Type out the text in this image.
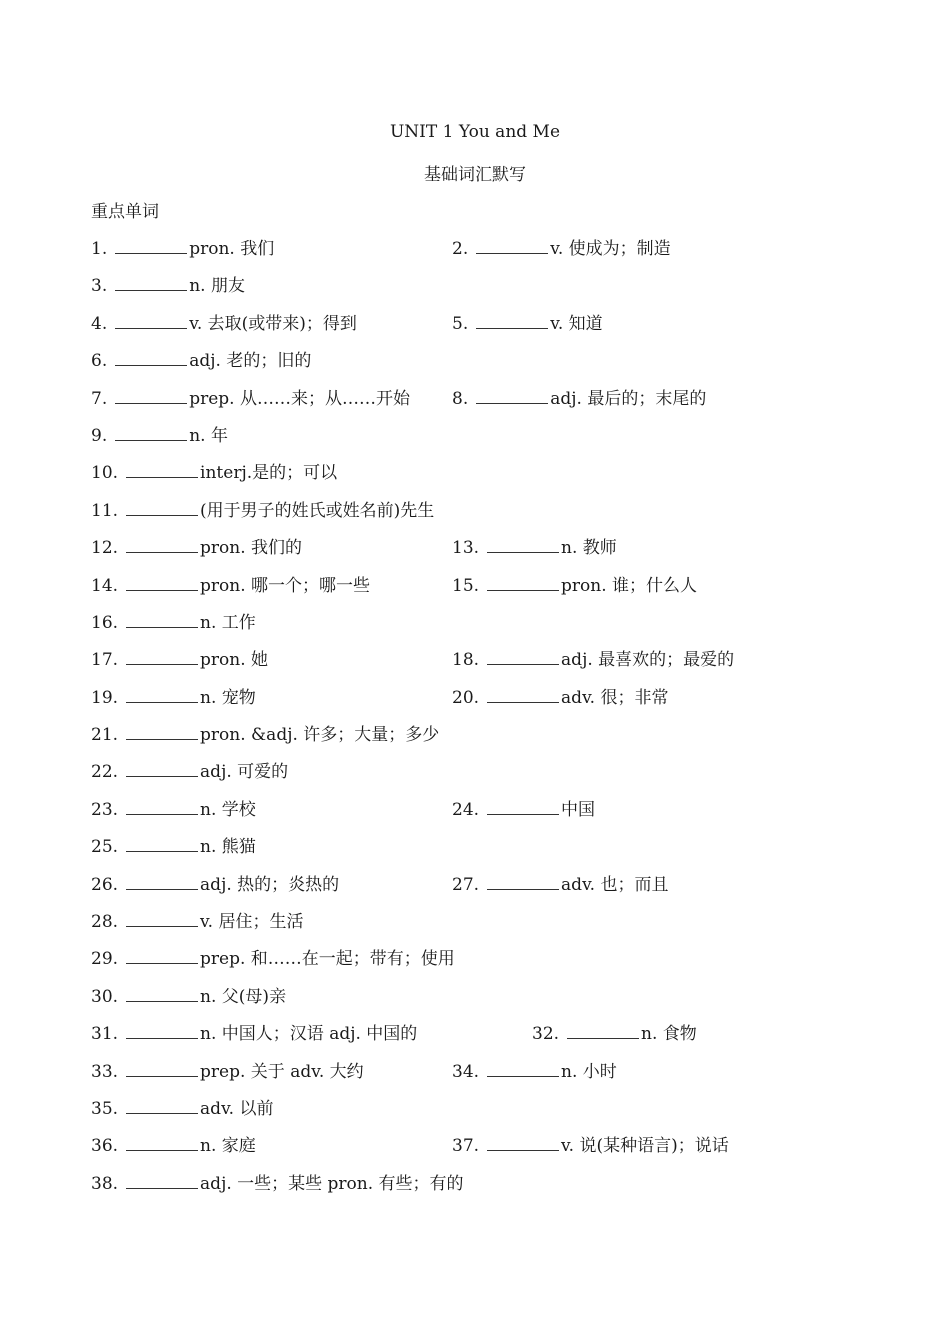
UNIT 1 You and Me
基础词汇默写
重点单词
1.	pron. 我们	2.	v. 使成为；制造
3.	n. 朋友
4.	v. 去取(或带来)；得到	5.	v. 知道
6.	adj. 老的；旧的
7.	prep. 从……来；从……开始 8.	adj. 最后的；末尾的
9.	n. 年
10.	interj.是的；可以
11.	(用于男子的姓氏或姓名前)先生
12.	pron. 我们的	13.	n. 教师
14.	pron. 哪一个；哪一些	15.	pron. 谁；什么人
16.	n. 工作
17.	pron. 她	18.	adj. 最喜欢的；最爱的
19.	n. 宠物	20.	adv. 很；非常
21.	pron. &adj. 许多；大量；多少
22.	adj. 可爱的
23.	n. 学校	24.	中国
25.	n. 熊猫
26.	adj. 热的；炎热的	27.	adv. 也；而且
28.	v. 居住；生活
29.	prep. 和……在一起；带有；使用
30.	n. 父(母)亲
31.	n. 中国人；汉语 adj. 中国的	32.	n. 食物
33.	prep. 关于 adv. 大约	34.	n. 小时
35.	adv. 以前
36.	n. 家庭	37.	v. 说(某种语言)；说话
38.	adj. 一些；某些 pron. 有些；有的
